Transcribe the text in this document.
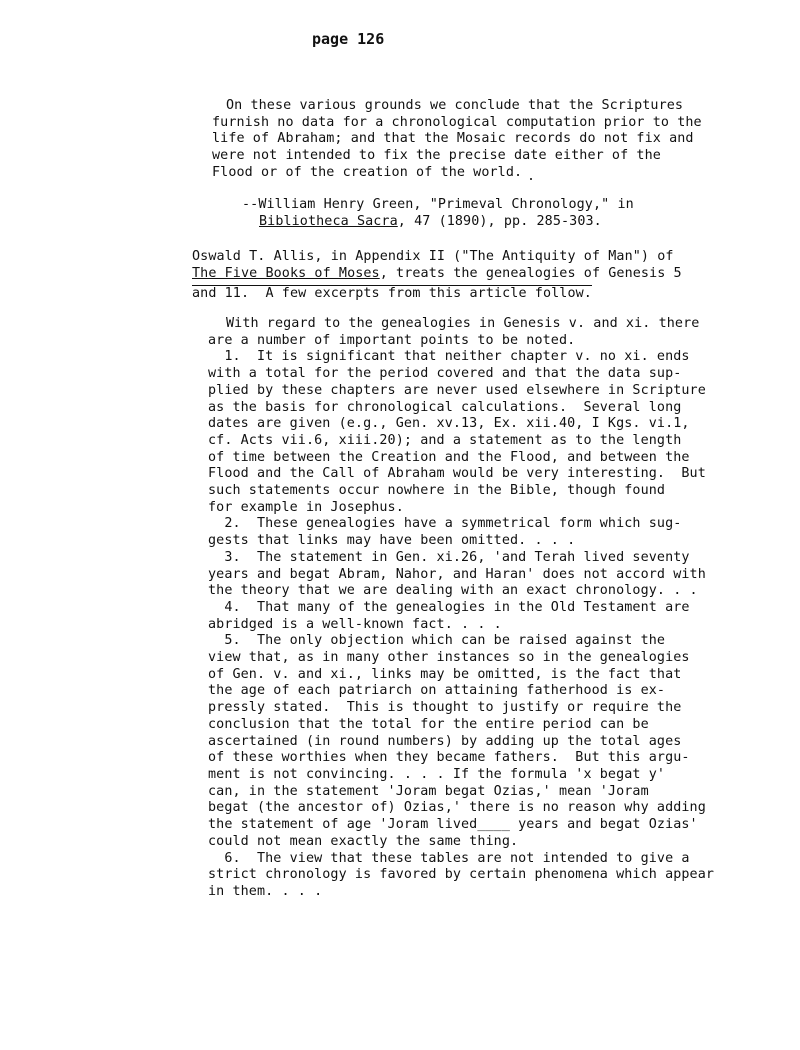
page 126
On these various grounds we conclude that the Scriptures
furnish no data for a chronological computation prior to the
life of Abraham; and that the Mosaic records do not fix and
were not intended to fix the precise date either of the
Flood or of the creation of the world.
--William Henry Green, "Primeval Chronology," in
Bibliotheca Sacra, 47 (1890), pp. 285-303.
Oswald T. Allis, in Appendix II ("The Antiquity of Man") of
The Five Books of Moses, treats the genealogies of Genesis 5
and 11.  A few excerpts from this article follow.
With regard to the genealogies in Genesis v. and xi. there
are a number of important points to be noted.
1.  It is significant that neither chapter v. no xi. ends
with a total for the period covered and that the data sup-
plied by these chapters are never used elsewhere in Scripture
as the basis for chronological calculations.  Several long
dates are given (e.g., Gen. xv.13, Ex. xii.40, I Kgs. vi.1,
cf. Acts vii.6, xiii.20); and a statement as to the length
of time between the Creation and the Flood, and between the
Flood and the Call of Abraham would be very interesting.  But
such statements occur nowhere in the Bible, though found
for example in Josephus.
2.  These genealogies have a symmetrical form which sug-
gests that links may have been omitted. . . .
3.  The statement in Gen. xi.26, 'and Terah lived seventy
years and begat Abram, Nahor, and Haran' does not accord with
the theory that we are dealing with an exact chronology. . .
4.  That many of the genealogies in the Old Testament are
abridged is a well-known fact. . . .
5.  The only objection which can be raised against the
view that, as in many other instances so in the genealogies
of Gen. v. and xi., links may be omitted, is the fact that
the age of each patriarch on attaining fatherhood is ex-
pressly stated.  This is thought to justify or require the
conclusion that the total for the entire period can be
ascertained (in round numbers) by adding up the total ages
of these worthies when they became fathers.  But this argu-
ment is not convincing. . . . If the formula 'x begat y'
can, in the statement 'Joram begat Ozias,' mean 'Joram
begat (the ancestor of) Ozias,' there is no reason why adding
the statement of age 'Joram lived____ years and begat Ozias'
could not mean exactly the same thing.
6.  The view that these tables are not intended to give a
strict chronology is favored by certain phenomena which appear
in them. . . .
